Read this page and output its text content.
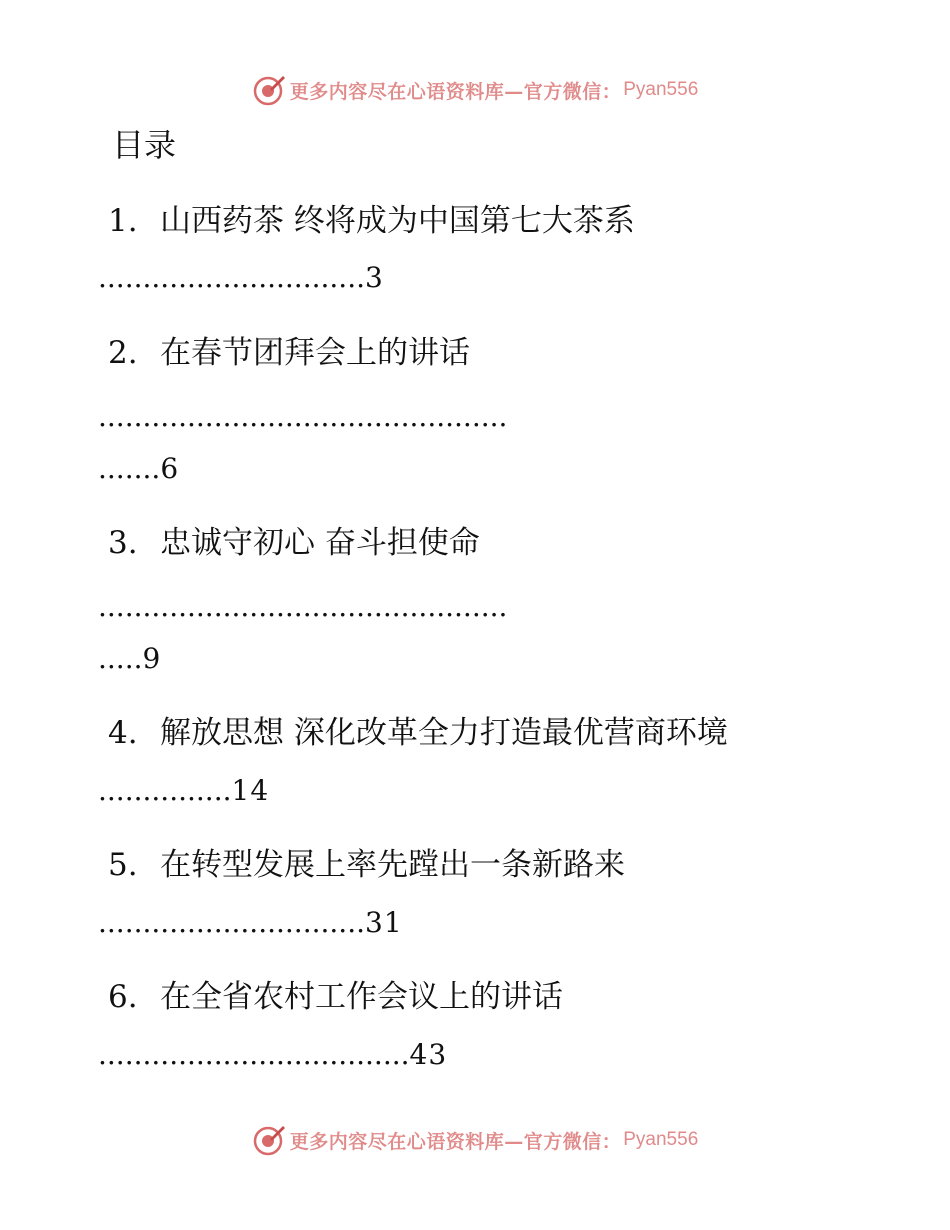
更多内容尽在心语资料库—官方微信： Pyan556
目录
1. 山西药茶 终将成为中国第七大茶系
..............................3
2. 在春节团拜会上的讲话
..............................................
.......6
3. 忠诚守初心 奋斗担使命
..............................................
.....9
4. 解放思想 深化改革全力打造最优营商环境
...............14
5. 在转型发展上率先蹚出一条新路来
..............................31
6. 在全省农村工作会议上的讲话
...................................43
更多内容尽在心语资料库—官方微信： Pyan556
